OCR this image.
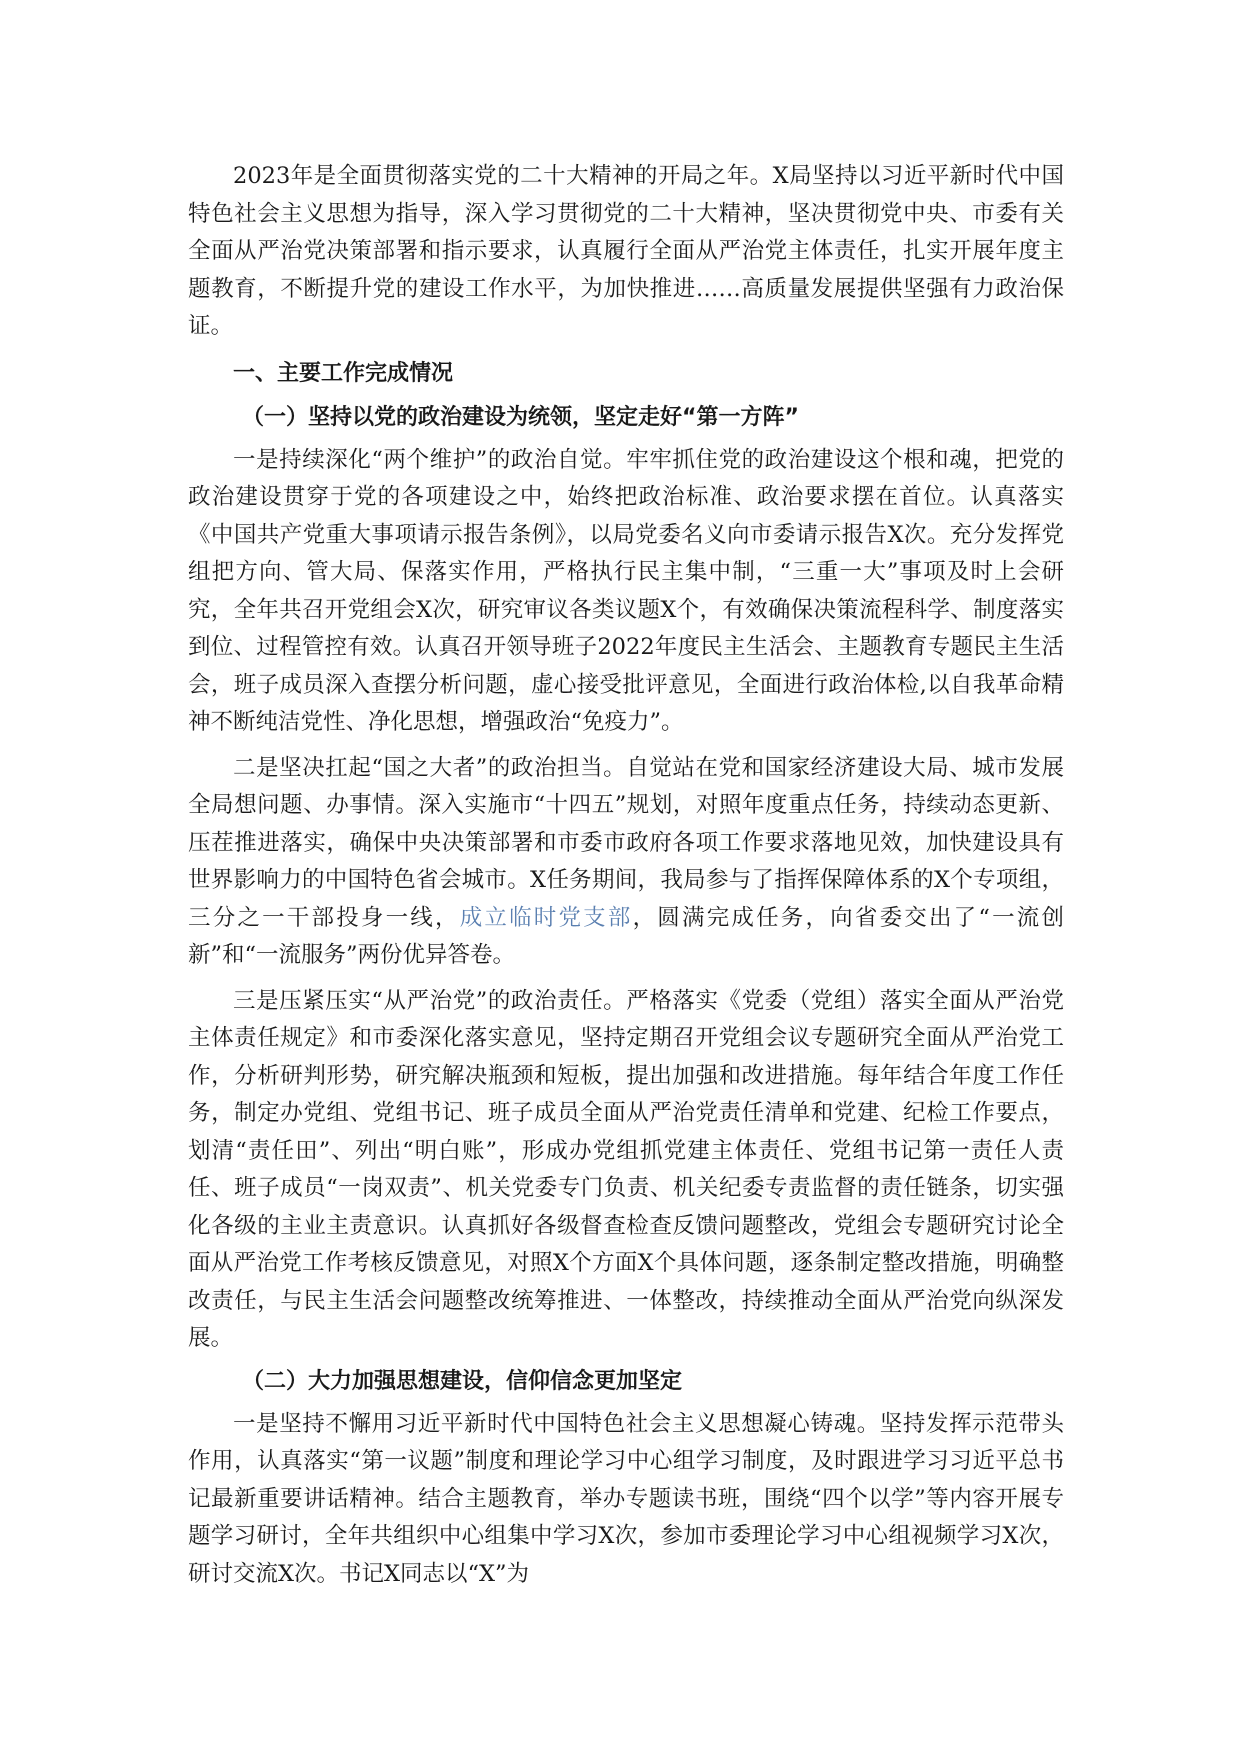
2023年是全面贯彻落实党的二十大精神的开局之年。X局坚持以习近平新时代中国特色社会主义思想为指导，深入学习贯彻党的二十大精神，坚决贯彻党中央、市委有关全面从严治党决策部署和指示要求，认真履行全面从严治党主体责任，扎实开展年度主题教育，不断提升党的建设工作水平，为加快推进……高质量发展提供坚强有力政治保证。

一、主要工作完成情况

（一）坚持以党的政治建设为统领，坚定走好“第一方阵”

一是持续深化“两个维护”的政治自觉。牢牢抓住党的政治建设这个根和魂，把党的政治建设贯穿于党的各项建设之中，始终把政治标准、政治要求摆在首位。认真落实《中国共产党重大事项请示报告条例》，以局党委名义向市委请示报告X次。充分发挥党组把方向、管大局、保落实作用，严格执行民主集中制，“三重一大”事项及时上会研究，全年共召开党组会X次，研究审议各类议题X个，有效确保决策流程科学、制度落实到位、过程管控有效。认真召开领导班子2022年度民主生活会、主题教育专题民主生活会，班子成员深入查摆分析问题，虚心接受批评意见，全面进行政治体检,以自我革命精神不断纯洁党性、净化思想，增强政治“免疫力”。

二是坚决扛起“国之大者”的政治担当。自觉站在党和国家经济建设大局、城市发展全局想问题、办事情。深入实施市“十四五”规划，对照年度重点任务，持续动态更新、压茬推进落实，确保中央决策部署和市委市政府各项工作要求落地见效，加快建设具有世界影响力的中国特色省会城市。X任务期间，我局参与了指挥保障体系的X个专项组，三分之一干部投身一线，成立临时党支部，圆满完成任务，向省委交出了“一流创新”和“一流服务”两份优异答卷。

三是压紧压实“从严治党”的政治责任。严格落实《党委（党组）落实全面从严治党主体责任规定》和市委深化落实意见，坚持定期召开党组会议专题研究全面从严治党工作，分析研判形势，研究解决瓶颈和短板，提出加强和改进措施。每年结合年度工作任务，制定办党组、党组书记、班子成员全面从严治党责任清单和党建、纪检工作要点，划清“责任田”、列出“明白账”，形成办党组抓党建主体责任、党组书记第一责任人责任、班子成员“一岗双责”、机关党委专门负责、机关纪委专责监督的责任链条，切实强化各级的主业主责意识。认真抓好各级督查检查反馈问题整改，党组会专题研究讨论全面从严治党工作考核反馈意见，对照X个方面X个具体问题，逐条制定整改措施，明确整改责任，与民主生活会问题整改统筹推进、一体整改，持续推动全面从严治党向纵深发展。

（二）大力加强思想建设，信仰信念更加坚定

一是坚持不懈用习近平新时代中国特色社会主义思想凝心铸魂。坚持发挥示范带头作用，认真落实“第一议题”制度和理论学习中心组学习制度，及时跟进学习习近平总书记最新重要讲话精神。结合主题教育，举办专题读书班，围绕“四个以学”等内容开展专题学习研讨，全年共组织中心组集中学习X次，参加市委理论学习中心组视频学习X次，研讨交流X次。书记X同志以“X”为
